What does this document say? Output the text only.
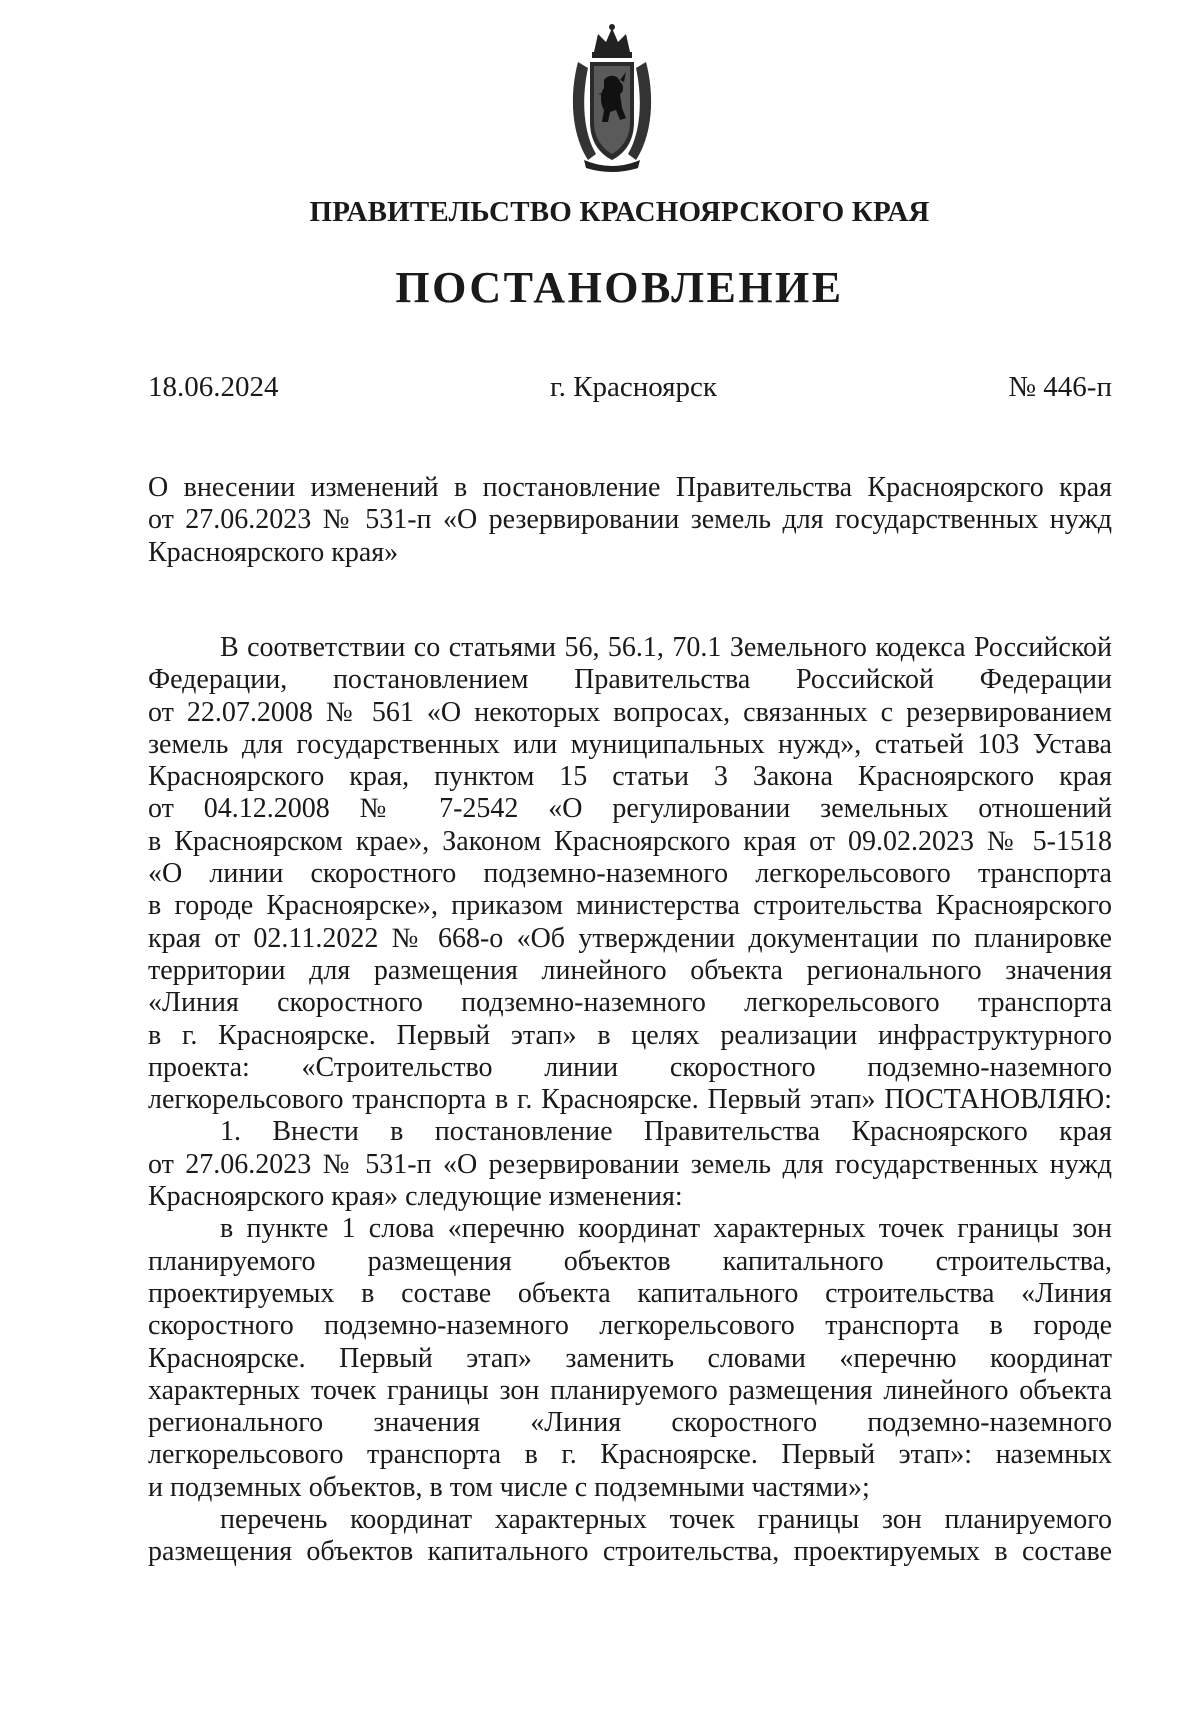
ПРАВИТЕЛЬСТВО КРАСНОЯРСКОГО КРАЯ
ПОСТАНОВЛЕНИЕ
18.06.2024	г. Красноярск	№ 446-п
О внесении изменений в постановление Правительства Красноярского края
от 27.06.2023 № 531-п «О резервировании земель для государственных нужд
Красноярского края»
В соответствии со статьями 56, 56.1, 70.1 Земельного кодекса Российской
Федерации, постановлением Правительства Российской Федерации
от 22.07.2008 № 561 «О некоторых вопросах, связанных с резервированием
земель для государственных или муниципальных нужд», статьей 103 Устава
Красноярского края, пунктом 15 статьи 3 Закона Красноярского края
от 04.12.2008 № 7-2542 «О регулировании земельных отношений
в Красноярском крае», Законом Красноярского края от 09.02.2023 № 5-1518
«О линии скоростного подземно-наземного легкорельсового транспорта
в городе Красноярске», приказом министерства строительства Красноярского
края от 02.11.2022 № 668-о «Об утверждении документации по планировке
территории для размещения линейного объекта регионального значения
«Линия скоростного подземно-наземного легкорельсового транспорта
в г. Красноярске. Первый этап» в целях реализации инфраструктурного
проекта: «Строительство линии скоростного подземно-наземного
легкорельсового транспорта в г. Красноярске. Первый этап» ПОСТАНОВЛЯЮ:
1. Внести в постановление Правительства Красноярского края
от 27.06.2023 № 531-п «О резервировании земель для государственных нужд
Красноярского края» следующие изменения:
в пункте 1 слова «перечню координат характерных точек границы зон
планируемого размещения объектов капитального строительства,
проектируемых в составе объекта капитального строительства «Линия
скоростного подземно-наземного легкорельсового транспорта в городе
Красноярске. Первый этап» заменить словами «перечню координат
характерных точек границы зон планируемого размещения линейного объекта
регионального значения «Линия скоростного подземно-наземного
легкорельсового транспорта в г. Красноярске. Первый этап»: наземных
и подземных объектов, в том числе с подземными частями»;
перечень координат характерных точек границы зон планируемого
размещения объектов капитального строительства, проектируемых в составе
